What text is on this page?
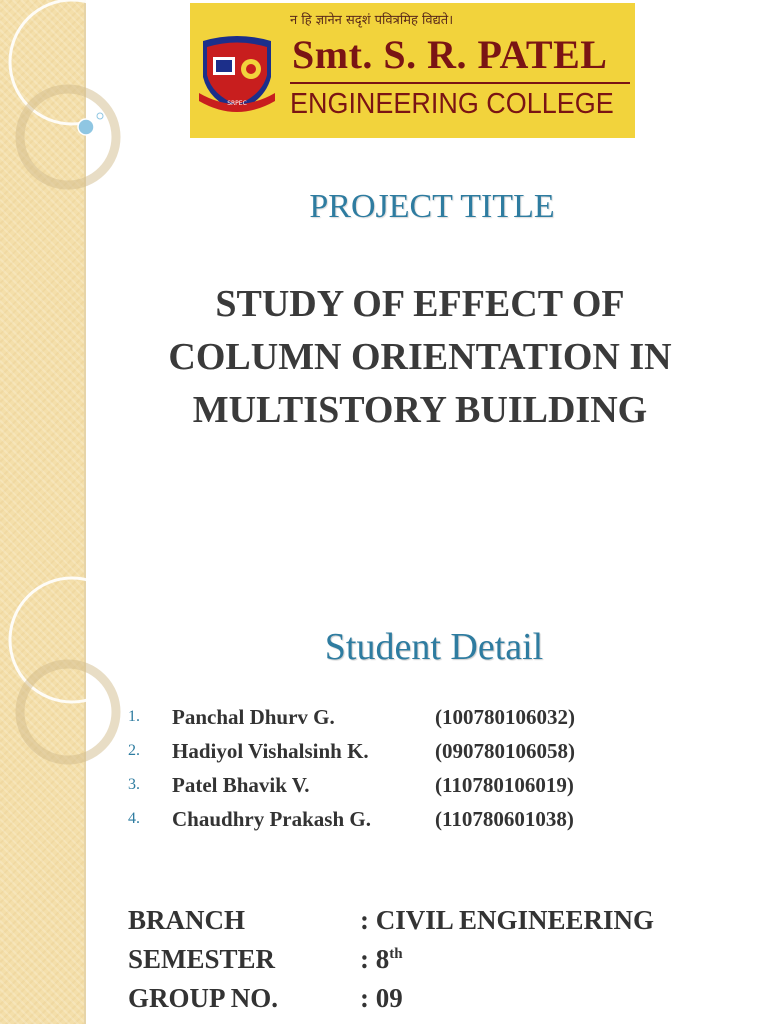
SRPEC
न हि ज्ञानेन सदृशं पवित्रमिह विद्यते।
Smt. S. R. PATEL
ENGINEERING COLLEGE
PROJECT TITLE
STUDY OF EFFECT OF
COLUMN ORIENTATION IN
MULTISTORY BUILDING
Student Detail
1.	Panchal Dhurv G.	(100780106032)
2.	Hadiyol Vishalsinh K.	(090780106058)
3.	Patel Bhavik V.	(110780106019)
4.	Chaudhry Prakash G.	(110780601038)
BRANCH	: CIVIL ENGINEERING
SEMESTER	: 8th
GROUP NO.	: 09
